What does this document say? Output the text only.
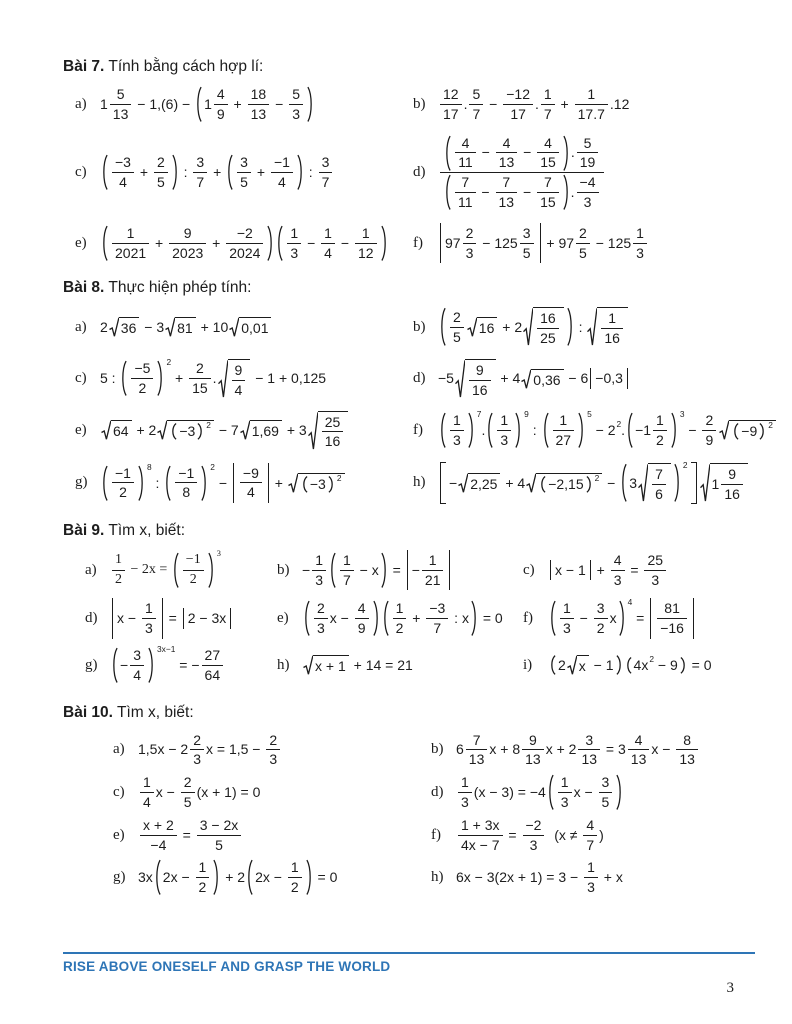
Bài 7. Tính bằng cách hợp lí:
a) 1
5
13
− 1,(6) − 1
4
9
+
18
13
−
5
3
b)
12
17
.
5
7
−
−12
17
.
1
7
+
1
17.7
.12
c)
−3
4
+
2
5
:
3
7
+
3
5
+
−1
4
:
3
7
d)
4
11
−
4
13
−
4
15
.
5
19
7
11
−
7
13
−
7
15
.
−4
3
e)
1
2021
+
9
2023
+
−2
2024
1
3
−
1
4
−
1
12
f)	97
2
3
− 125
3
5
+ 97
2
5
− 125
1
3
Bài 8. Thực hiện phép tính:
a) 2 36 − 3 81 + 10 0,01	b)
2
5
16 + 2
16
25
:
1
16
c) 5 :
−5
2
2
+
2
15
.
9
4
− 1 + 0,125	d) −5
9
16
+ 4 0,36 − 6 −0,3
e)	64 + 2 −3 2 − 7 1,69 + 3
25
16
f)
1
3
7
.
1
3
9
:
1
27
5
− 2 2 . −1
1
2
3
−
2
9
−9 2
g)
−1
2
8
:
−1
8
2
−
−9
4
+ −3 2	h) − 2,25 + 4 −2,15 2 − 3
7
6
2
1
9
16
Bài 9. Tìm x, biết:
a)
1
2
− 2x =
−1
2
3
b) −
1
3
1
7
− x = −
1
21
c)	x − 1 +
4
3
=
25
3
d) x −
1
3
= 2 − 3x	e)
2
3
x −
4
9
1
2
+
−3
7
: x = 0 f)
1
3
−
3
2
x
4
=
81
−16
g) −
3
4
3x−1
= −
27
64
h) x + 1 + 14 = 21	i)	2 x − 1 4x 2 − 9 = 0
Bài 10. Tìm x, biết:
a) 1,5x − 2
2
3
x = 1,5 −
2
3
b) 6
7
13
x + 8
9
13
x + 2
3
13
= 3
4
13
x −
8
13
c)
1
4
x −
2
5
(x + 1) = 0	d)
1
3
(x − 3) = −4
1
3
x −
3
5
e)
x + 2
−4
=
3 − 2x
5
f)
1 + 3x
4x − 7
=
−2
3
(x ≠
4
7
)
g) 3x 2x −
1
2
+ 2 2x −
1
2
= 0	h) 6x − 3(2x + 1) = 3 −
1
3
+ x
RISE ABOVE ONESELF AND GRASP THE WORLD
3
